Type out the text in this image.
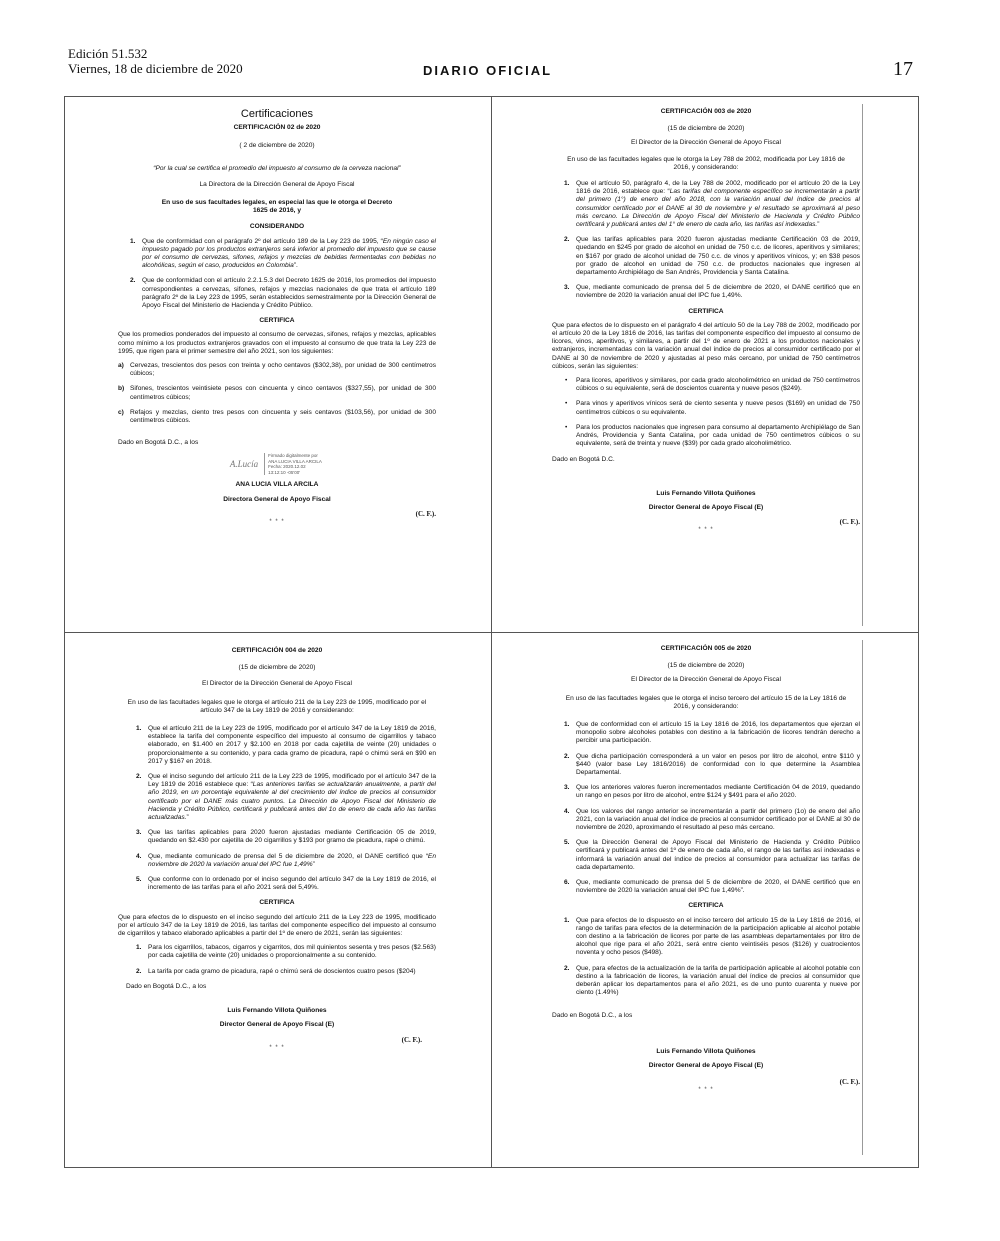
Edición 51.532
Viernes, 18 de diciembre de 2020	DIARIO OFICIAL	17
Certificaciones

CERTIFICACIÓN 02 de 2020

( 2 de diciembre de 2020)

“Por la cual se certifica el promedio del impuesto al consumo de la cerveza nacional”

La Directora de la Dirección General de Apoyo Fiscal

En uso de sus facultades legales, en especial las que le otorga el Decreto 1625 de 2016, y

CONSIDERANDO

1. Que de conformidad con el parágrafo 2º del artículo 189 de la Ley 223 de 1995, “En ningún caso el impuesto pagado por los productos extranjeros será inferior al promedio del impuesto que se cause por el consumo de cervezas, sifones, refajos y mezclas de bebidas fermentadas con bebidas no alcohólicas, según el caso, producidos en Colombia”.
2. Que de conformidad con el artículo 2.2.1.5.3 del Decreto 1625 de 2016, los promedios del impuesto correspondientes a cervezas, sifones, refajos y mezclas nacionales de que trata el artículo 189 parágrafo 2º de la Ley 223 de 1995, serán establecidos semestralmente por la Dirección General de Apoyo Fiscal del Ministerio de Hacienda y Crédito Público.

CERTIFICA

Que los promedios ponderados del impuesto al consumo de cervezas, sifones, refajos y mezclas, aplicables como mínimo a los productos extranjeros gravados con el impuesto al consumo de que trata la Ley 223 de 1995, que rigen para el primer semestre del año 2021, son los siguientes:

a) Cervezas, trescientos dos pesos con treinta y ocho centavos ($302,38), por unidad de 300 centímetros cúbicos;
b) Sifones, trescientos veintisiete pesos con cincuenta y cinco centavos ($327,55), por unidad de 300 centímetros cúbicos;
c) Refajos y mezclas, ciento tres pesos con cincuenta y seis centavos ($103,56), por unidad de 300 centímetros cúbicos.

Dado en Bogotá D.C., a los

A.Lucía
Firmado digitalmente por ANA LUCIA VILLA ARCILA Fecha: 2020.12.02 13:12:10 -05'00'

ANA LUCIA VILLA ARCILA

Directora General de Apoyo Fiscal

(C. F.).
* * *

CERTIFICACIÓN 003 de 2020

(15 de diciembre de 2020)

El Director de la Dirección General de Apoyo Fiscal

En uso de las facultades legales que le otorga la Ley 788 de 2002, modificada por Ley 1816 de 2016, y considerando:

1. Que el artículo 50, parágrafo 4, de la Ley 788 de 2002, modificado por el artículo 20 de la Ley 1816 de 2016, establece que: “Las tarifas del componente específico se incrementarán a partir del primero (1°) de enero del año 2018, con la variación anual del índice de precios al consumidor certificado por el DANE al 30 de noviembre y el resultado se aproximará al peso más cercano. La Dirección de Apoyo Fiscal del Ministerio de Hacienda y Crédito Público certificará y publicará antes del 1° de enero de cada año, las tarifas así indexadas.”
2. Que las tarifas aplicables para 2020 fueron ajustadas mediante Certificación 03 de 2019, quedando en $245 por grado de alcohol en unidad de 750 c.c. de licores, aperitivos y similares; en $167 por grado de alcohol unidad de 750 c.c. de vinos y aperitivos vínicos, y; en $38 pesos por grado de alcohol en unidad de 750 c.c. de productos nacionales que ingresen al departamento Archipiélago de San Andrés, Providencia y Santa Catalina.
3. Que, mediante comunicado de prensa del 5 de diciembre de 2020, el DANE certificó que en noviembre de 2020 la variación anual del IPC fue 1,49%.

CERTIFICA

Que para efectos de lo dispuesto en el parágrafo 4 del artículo 50 de la Ley 788 de 2002, modificado por el artículo 20 de la Ley 1816 de 2016, las tarifas del componente específico del impuesto al consumo de licores, vinos, aperitivos, y similares, a partir del 1º de enero de 2021 a los productos nacionales y extranjeros, incrementadas con la variación anual del índice de precios al consumidor certificado por el DANE al 30 de noviembre de 2020 y ajustadas al peso más cercano, por unidad de 750 centímetros cúbicos, serán las siguientes:

• Para licores, aperitivos y similares, por cada grado alcoholimétrico en unidad de 750 centímetros cúbicos o su equivalente, será de doscientos cuarenta y nueve pesos ($249).
• Para vinos y aperitivos vínicos será de ciento sesenta y nueve pesos ($169) en unidad de 750 centímetros cúbicos o su equivalente.
• Para los productos nacionales que ingresen para consumo al departamento Archipiélago de San Andrés, Providencia y Santa Catalina, por cada unidad de 750 centímetros cúbicos o su equivalente, será de treinta y nueve ($39) por cada grado alcoholimétrico.

Dado en Bogotá D.C.

Luis Fernando Villota Quiñones

Director General de Apoyo Fiscal (E)

(C. F.).
* * *

CERTIFICACIÓN 004 de 2020

(15 de diciembre de 2020)

El Director de la Dirección General de Apoyo Fiscal

En uso de las facultades legales que le otorga el artículo 211 de la Ley 223 de 1995, modificado por el artículo 347 de la Ley 1819 de 2016 y considerando:

1. Que el artículo 211 de la Ley 223 de 1995, modificado por el artículo 347 de la Ley 1819 de 2016, establece la tarifa del componente específico del impuesto al consumo de cigarrillos y tabaco elaborado, en $1.400 en 2017 y $2.100 en 2018 por cada cajetilla de veinte (20) unidades o proporcionalmente a su contenido, y para cada gramo de picadura, rapé o chimú será en $90 en 2017 y $167 en 2018.
2. Que el inciso segundo del artículo 211 de la Ley 223 de 1995, modificado por el artículo 347 de la Ley 1819 de 2016 establece que: “Las anteriores tarifas se actualizarán anualmente, a partir del año 2019, en un porcentaje equivalente al del crecimiento del índice de precios al consumidor certificado por el DANE más cuatro puntos. La Dirección de Apoyo Fiscal del Ministerio de Hacienda y Crédito Público, certificará y publicará antes del 1o de enero de cada año las tarifas actualizadas.”
3. Que las tarifas aplicables para 2020 fueron ajustadas mediante Certificación 05 de 2019, quedando en $2.430 por cajetilla de 20 cigarrillos y $193 por gramo de picadura, rapé o chimú.
4. Que, mediante comunicado de prensa del 5 de diciembre de 2020, el DANE certificó que “En noviembre de 2020 la variación anual del IPC fue 1,49%”
5. Que conforme con lo ordenado por el inciso segundo del artículo 347 de la Ley 1819 de 2016, el incremento de las tarifas para el año 2021 será del 5,49%.

CERTIFICA

Que para efectos de lo dispuesto en el inciso segundo del artículo 211 de la Ley 223 de 1995, modificado por el artículo 347 de la Ley 1819 de 2016, las tarifas del componente específico del impuesto al consumo de cigarrillos y tabaco elaborado aplicables a partir del 1º de enero de 2021, serán las siguientes:

1. Para los cigarrillos, tabacos, cigarros y cigarritos, dos mil quinientos sesenta y tres pesos ($2.563) por cada cajetilla de veinte (20) unidades o proporcionalmente a su contenido.
2. La tarifa por cada gramo de picadura, rapé o chimú será de doscientos cuatro pesos ($204)

Dado en Bogotá D.C., a los

Luis Fernando Villota Quiñones

Director General de Apoyo Fiscal (E)

(C. F.).
* * *

CERTIFICACIÓN 005 de 2020

(15 de diciembre de 2020)

El Director de la Dirección General de Apoyo Fiscal

En uso de las facultades legales que le otorga el inciso tercero del artículo 15 de la Ley 1816 de 2016, y considerando:

1. Que de conformidad con el artículo 15 la Ley 1816 de 2016, los departamentos que ejerzan el monopolio sobre alcoholes potables con destino a la fabricación de licores tendrán derecho a percibir una participación.
2. Que dicha participación corresponderá a un valor en pesos por litro de alcohol, entre $110 y $440 (valor base Ley 1816/2016) de conformidad con lo que determine la Asamblea Departamental.
3. Que los anteriores valores fueron incrementados mediante Certificación 04 de 2019, quedando un rango en pesos por litro de alcohol, entre $124 y $491 para el año 2020.
4. Que los valores del rango anterior se incrementarán a partir del primero (1o) de enero del año 2021, con la variación anual del índice de precios al consumidor certificado por el DANE al 30 de noviembre de 2020, aproximando el resultado al peso más cercano.
5. Que la Dirección General de Apoyo Fiscal del Ministerio de Hacienda y Crédito Público certificará y publicará antes del 1º de enero de cada año, el rango de las tarifas así indexadas e informará la variación anual del índice de precios al consumidor para actualizar las tarifas de cada departamento.
6. Que, mediante comunicado de prensa del 5 de diciembre de 2020, el DANE certificó que en noviembre de 2020 la variación anual del IPC fue 1,49%”.

CERTIFICA

1. Que para efectos de lo dispuesto en el inciso tercero del artículo 15 de la Ley 1816 de 2016, el rango de tarifas para efectos de la determinación de la participación aplicable al alcohol potable con destino a la fabricación de licores por parte de las asambleas departamentales por litro de alcohol que rige para el año 2021, será entre ciento veintiséis pesos ($126) y cuatrocientos noventa y ocho pesos ($498).
2. Que, para efectos de la actualización de la tarifa de participación aplicable al alcohol potable con destino a la fabricación de licores, la variación anual del índice de precios al consumidor que deberán aplicar los departamentos para el año 2021, es de uno punto cuarenta y nueve por ciento (1.49%)

Dado en Bogotá D.C., a los

Luis Fernando Villota Quiñones

Director General de Apoyo Fiscal (E)

(C. F.).
* * *
